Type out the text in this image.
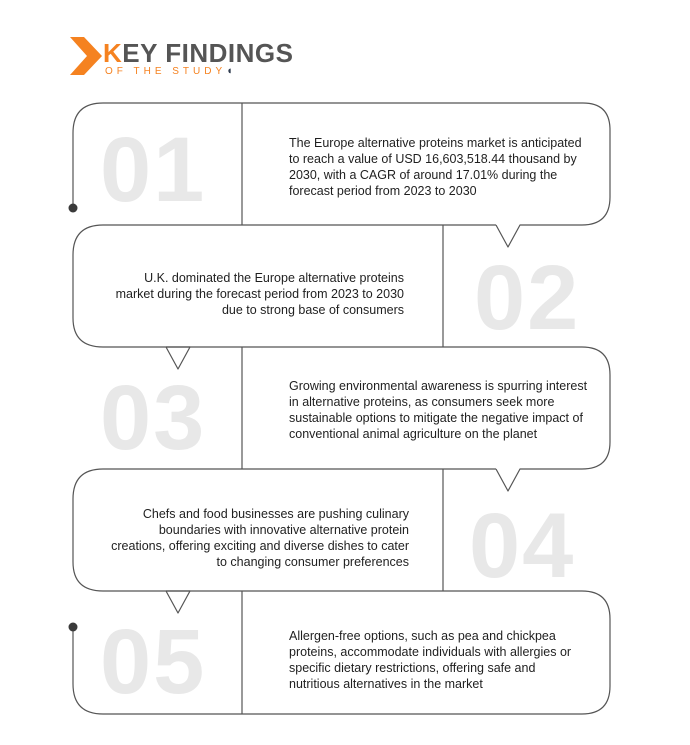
KEY FINDINGS
OF THE STUDY◖
01	The Europe alternative proteins market is anticipated to reach a value of USD 16,603,518.44 thousand by 2030, with a CAGR of around 17.01% during the forecast period from 2023 to 2030
02
U.K. dominated the Europe alternative proteins market during the forecast period from 2023 to 2030 due to strong base of consumers
03	Growing environmental awareness is spurring interest in alternative proteins, as consumers seek more sustainable options to mitigate the negative impact of conventional animal agriculture on the planet
04
Chefs and food businesses are pushing culinary boundaries with innovative alternative protein creations, offering exciting and diverse dishes to cater to changing consumer preferences
05	Allergen-free options, such as pea and chickpea proteins, accommodate individuals with allergies or specific dietary restrictions, offering safe and nutritious alternatives in the market
